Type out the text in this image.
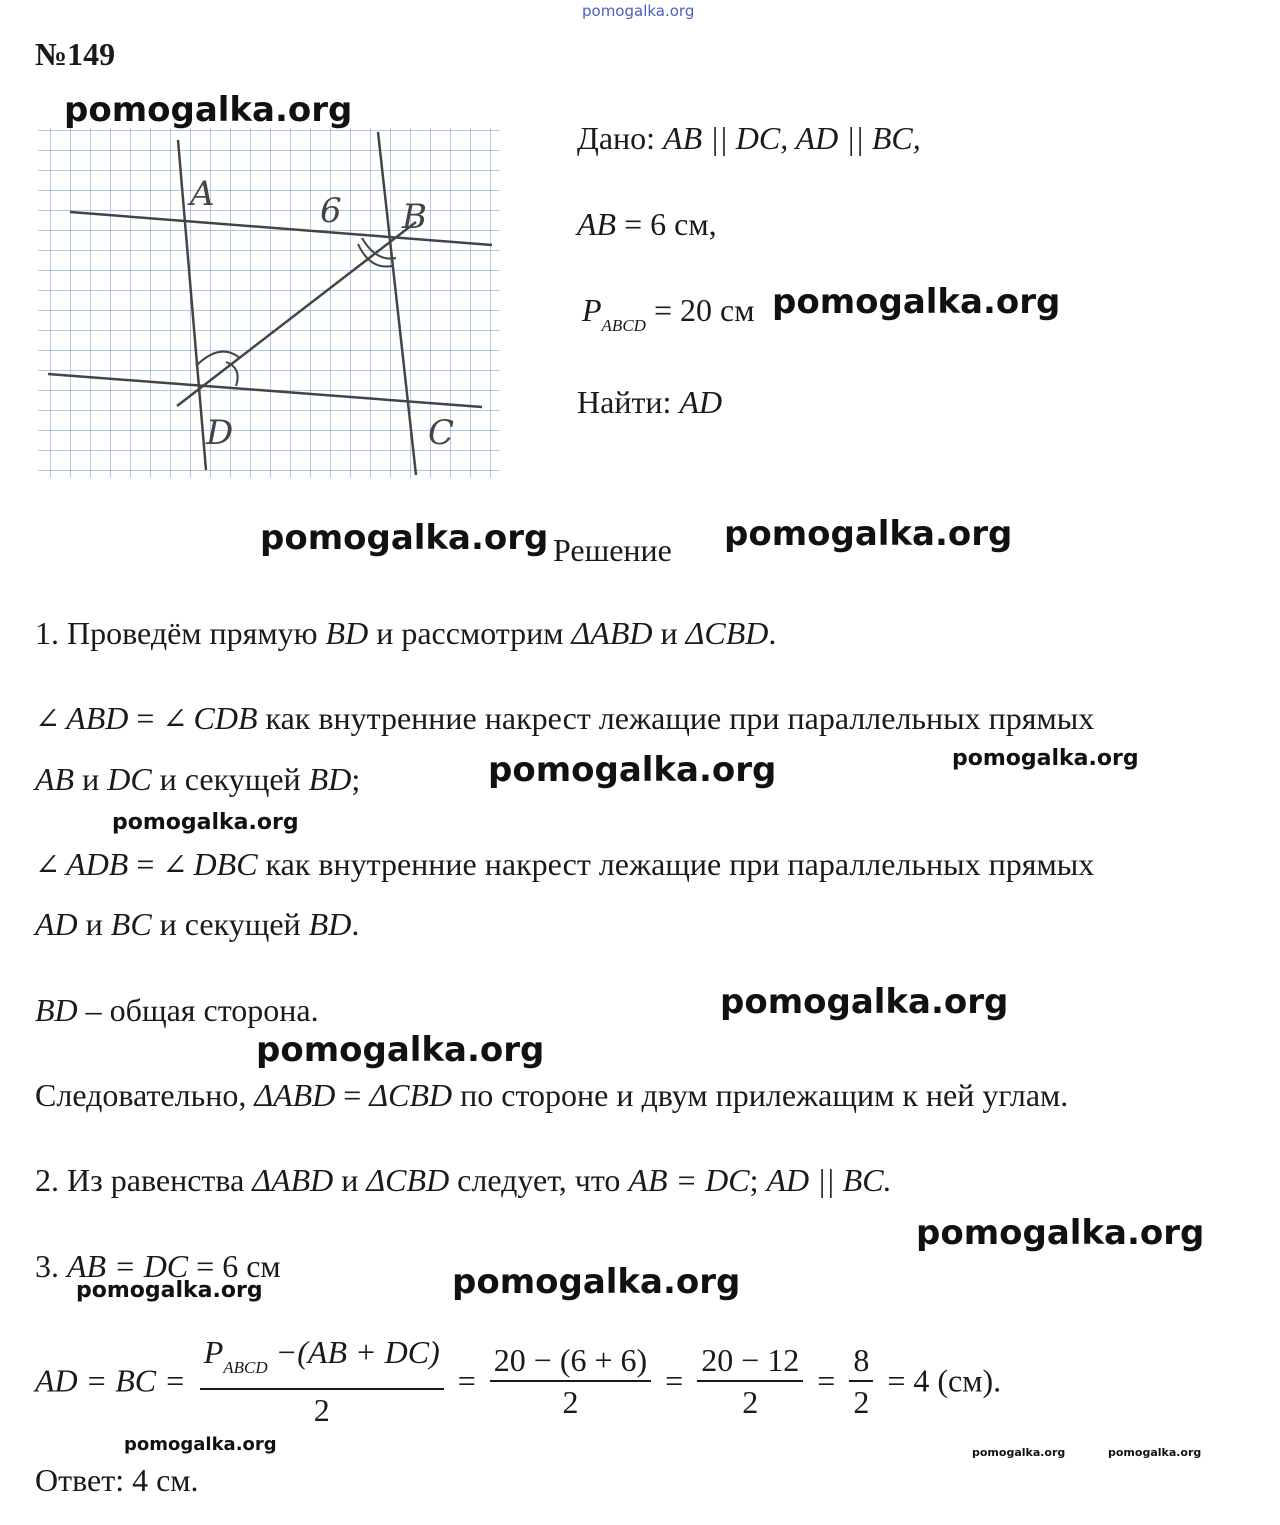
pomogalka.org
№149
A	6 B
D	C
Дано: AB || DC, AD || BC,
AB = 6 см,
$P_{ABCD} = 20$ см
Найти: AD
Решение
1. Проведём прямую BD и рассмотрим ΔABD и ΔCBD.
∠ ABD = ∠ CDB как внутренние накрест лежащие при параллельных прямых
AB и DC и секущей BD;
∠ ADB = ∠ DBC как внутренние накрест лежащие при параллельных прямых
AD и BC и секущей BD.
BD – общая сторона.
Следовательно, ΔABD = ΔCBD по стороне и двум прилежащим к ней углам.
2. Из равенства ΔABD и ΔCBD следует, что AB = DC; AD || BC.
3. AB = DC = 6 см
AD = BC = $\frac{P_{ABCD} -(AB + DC)}{2} = \frac{20 - (6 + 6)}{2} = \frac{20 - 12}{2} = \frac{8}{2} = 4$ (см).
Ответ: 4 см.
pomogalka.org
pomogalka.org
pomogalka.org	pomogalka.org
pomogalka.org	pomogalka.org
pomogalka.org
pomogalka.org
pomogalka.org
pomogalka.org
pomogalka.org
pomogalka.org
pomogalka.org	pomogalka.org	pomogalka.org
